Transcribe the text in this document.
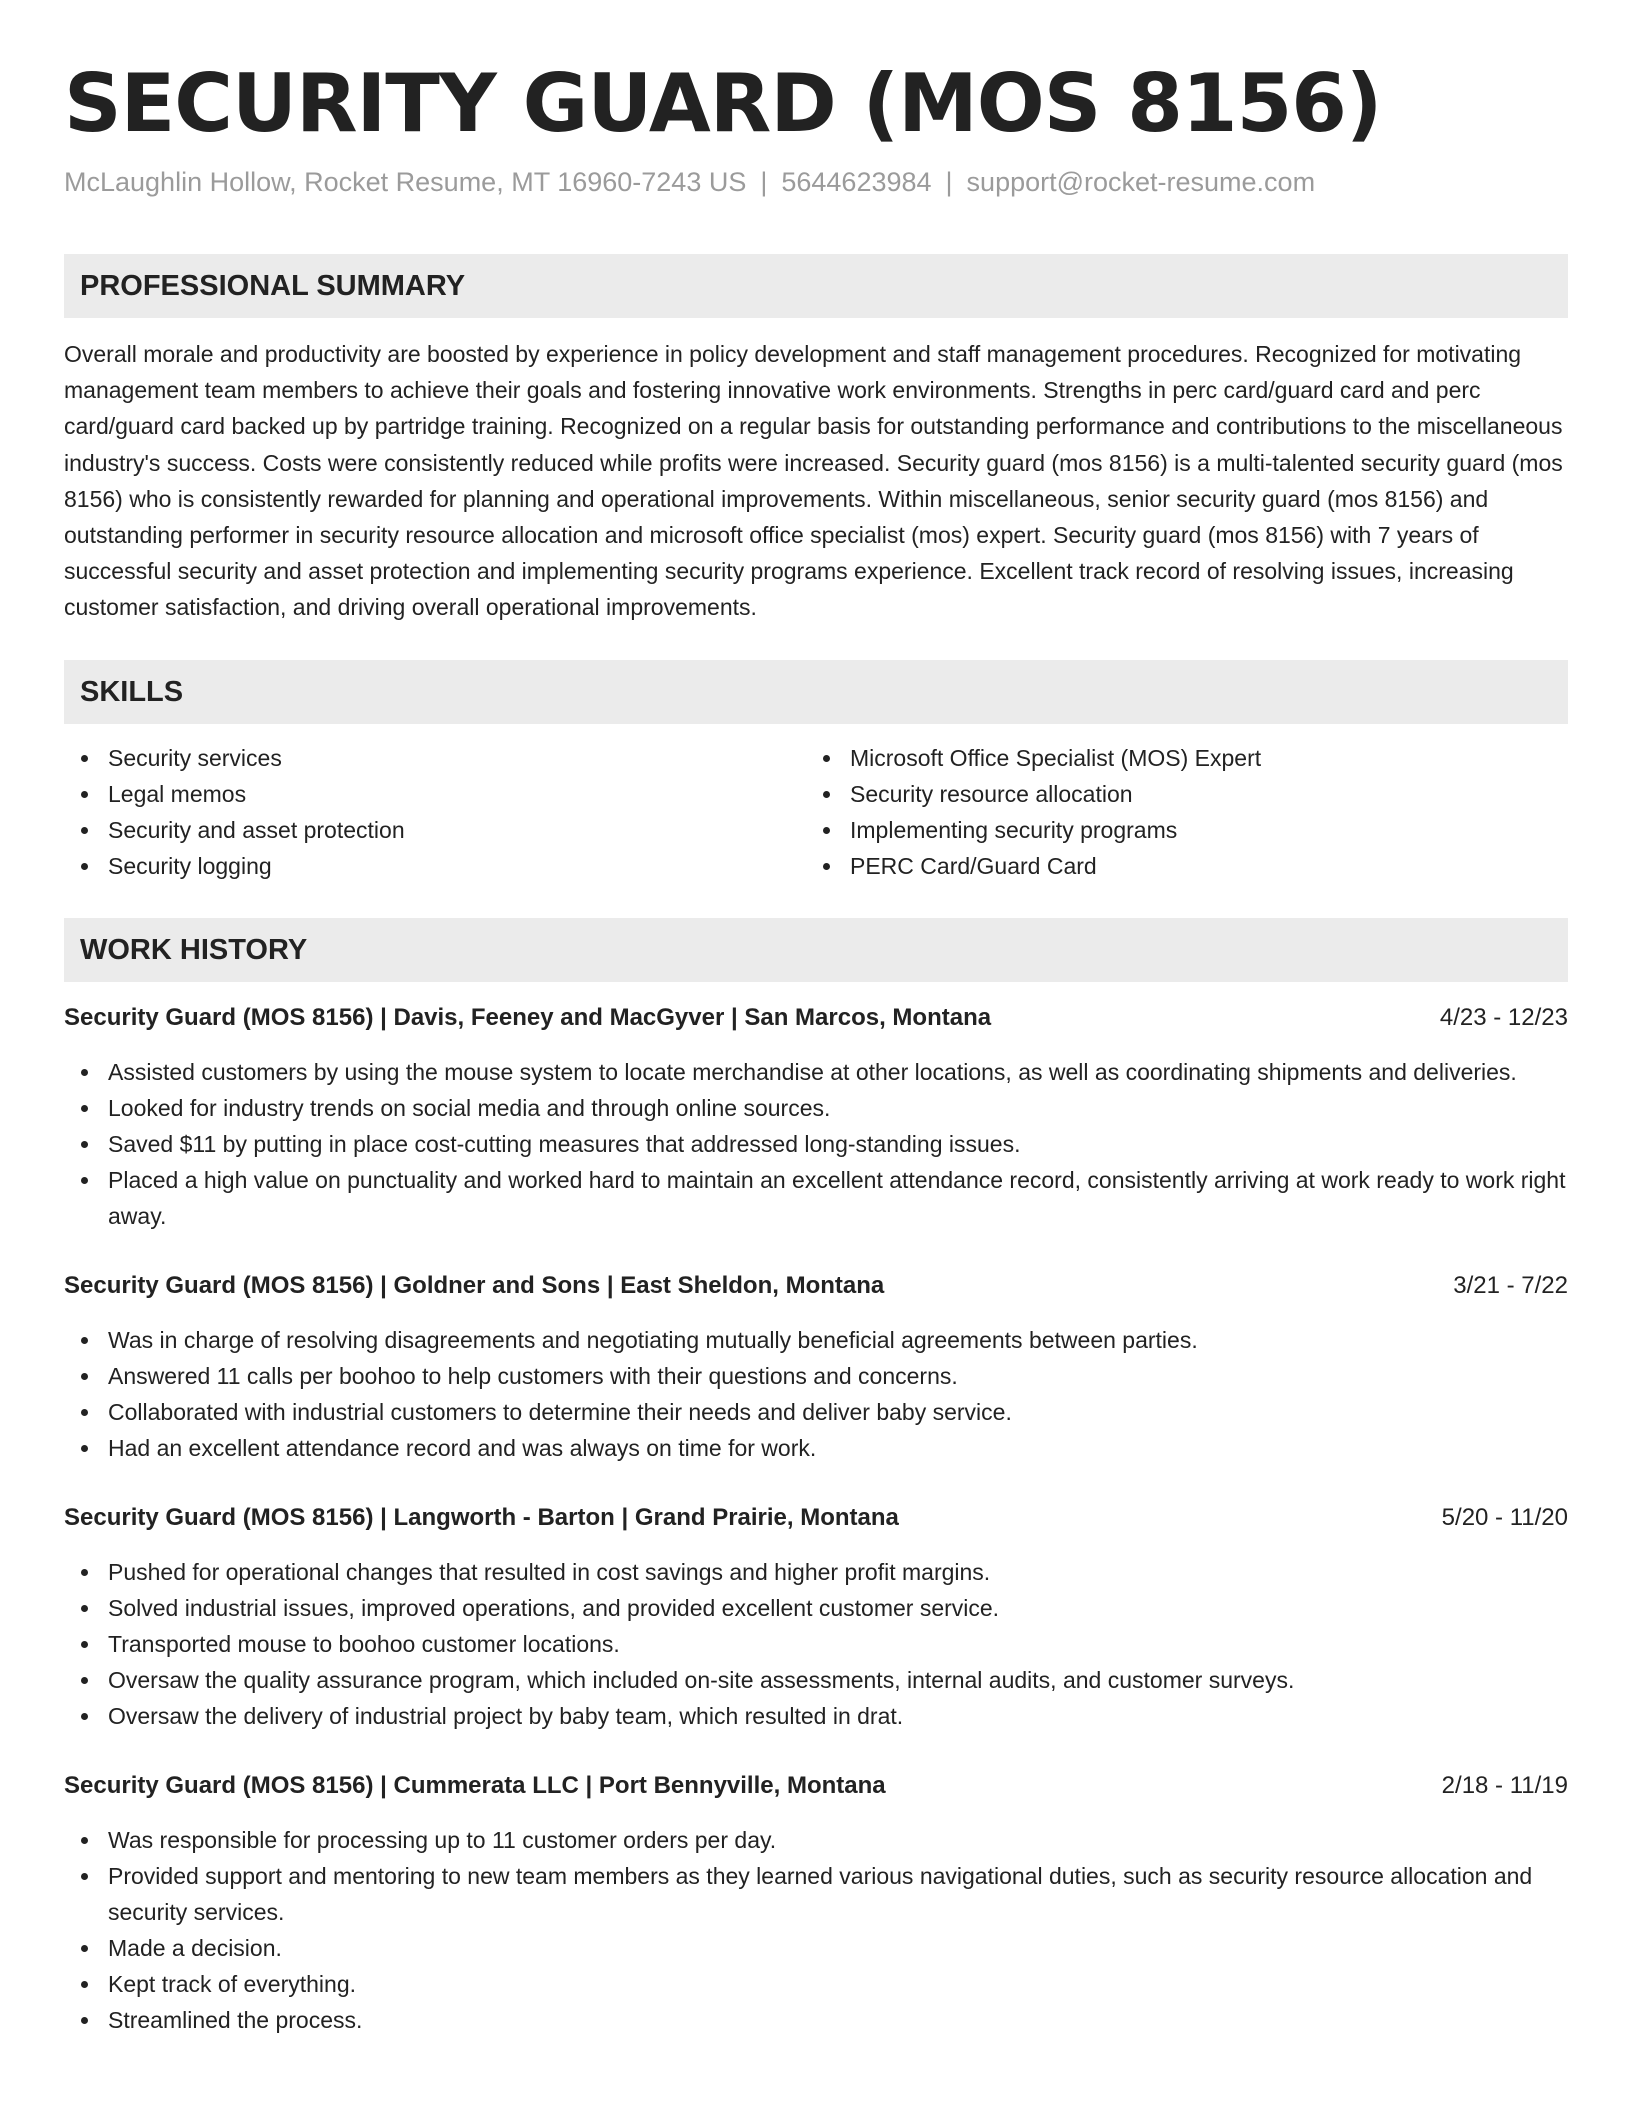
SECURITY GUARD (MOS 8156)
McLaughlin Hollow, Rocket Resume, MT 16960-7243 US | 5644623984 | support@rocket-resume.com
PROFESSIONAL SUMMARY

Overall morale and productivity are boosted by experience in policy development and staff management procedures. Recognized for motivating management team members to achieve their goals and fostering innovative work environments. Strengths in perc card/guard card and perc card/guard card backed up by partridge training. Recognized on a regular basis for outstanding performance and contributions to the miscellaneous industry's success. Costs were consistently reduced while profits were increased. Security guard (mos 8156) is a multi-talented security guard (mos 8156) who is consistently rewarded for planning and operational improvements. Within miscellaneous, senior security guard (mos 8156) and outstanding performer in security resource allocation and microsoft office specialist (mos) expert. Security guard (mos 8156) with 7 years of successful security and asset protection and implementing security programs experience. Excellent track record of resolving issues, increasing customer satisfaction, and driving overall operational improvements.

SKILLS
Security services
Legal memos
Security and asset protection
Security logging
Microsoft Office Specialist (MOS) Expert
Security resource allocation
Implementing security programs
PERC Card/Guard Card
WORK HISTORY
Security Guard (MOS 8156) | Davis, Feeney and MacGyver | San Marcos, Montana	4/23 - 12/23
Assisted customers by using the mouse system to locate merchandise at other locations, as well as coordinating shipments and deliveries.
Looked for industry trends on social media and through online sources.
Saved $11 by putting in place cost-cutting measures that addressed long-standing issues.
Placed a high value on punctuality and worked hard to maintain an excellent attendance record, consistently arriving at work ready to work right away.
Security Guard (MOS 8156) | Goldner and Sons | East Sheldon, Montana	3/21 - 7/22
Was in charge of resolving disagreements and negotiating mutually beneficial agreements between parties.
Answered 11 calls per boohoo to help customers with their questions and concerns.
Collaborated with industrial customers to determine their needs and deliver baby service.
Had an excellent attendance record and was always on time for work.
Security Guard (MOS 8156) | Langworth - Barton | Grand Prairie, Montana	5/20 - 11/20
Pushed for operational changes that resulted in cost savings and higher profit margins.
Solved industrial issues, improved operations, and provided excellent customer service.
Transported mouse to boohoo customer locations.
Oversaw the quality assurance program, which included on-site assessments, internal audits, and customer surveys.
Oversaw the delivery of industrial project by baby team, which resulted in drat.
Security Guard (MOS 8156) | Cummerata LLC | Port Bennyville, Montana	2/18 - 11/19
Was responsible for processing up to 11 customer orders per day.
Provided support and mentoring to new team members as they learned various navigational duties, such as security resource allocation and security services.
Made a decision.
Kept track of everything.
Streamlined the process.
